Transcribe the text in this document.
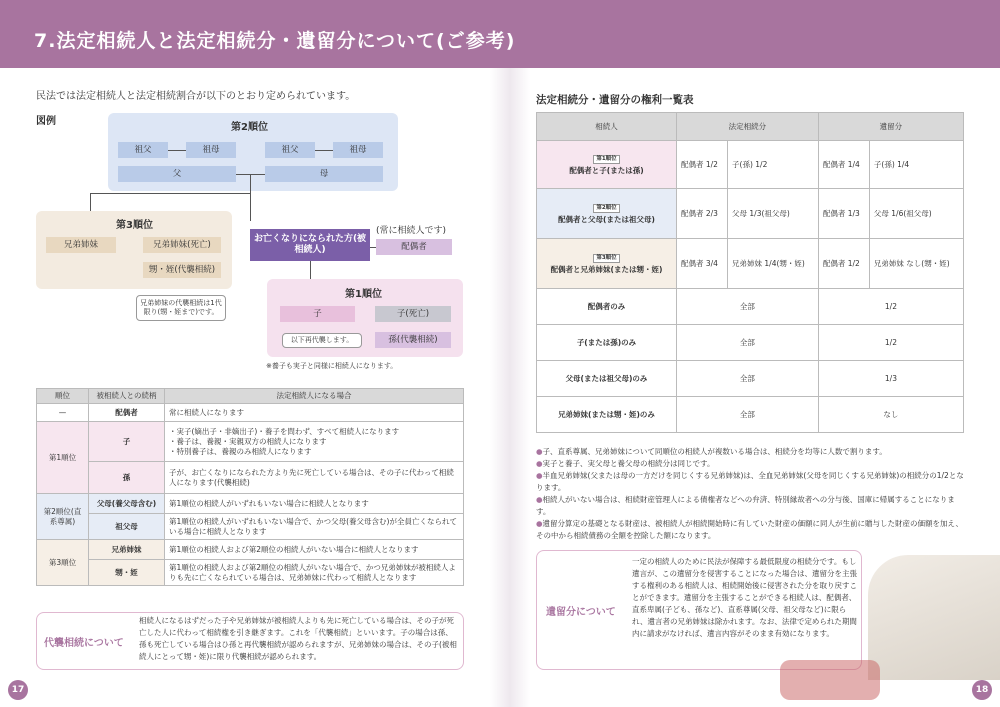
7.法定相続人と法定相続分・遺留分について(ご参考)
民法では法定相続人と法定相続割合が以下のとおり定められています。
図例
第2順位
祖父	祖母	祖父	祖母
父	母
第3順位
兄弟姉妹	兄弟姉妹(死亡)
甥・姪(代襲相続)
兄弟姉妹の代襲相続は1代限り(甥・姪まで)です。
お亡くなりになられた方(被相続人)
(常に相続人です)
配偶者
第1順位
子	子(死亡)
孫(代襲相続)
以下再代襲します。
※養子も実子と同様に相続人になります。
順位	被相続人との続柄	法定相続人になる場合
—	配偶者	常に相続人になります
第1順位	子	・実子(嫡出子・非嫡出子)・養子を問わず、すべて相続人になります
・養子は、養親・実親双方の相続人になります
・特別養子は、養親のみ相続人になります
	孫	子が、お亡くなりになられた方より先に死亡している場合は、その子に代わって相続人になります(代襲相続)
第2順位(直系尊属)	父母(養父母含む)	第1順位の相続人がいずれもいない場合に相続人となります
	祖父母	第1順位の相続人がいずれもいない場合で、かつ父母(養父母含む)が全員亡くなられている場合に相続人となります
第3順位	兄弟姉妹	第1順位の相続人および第2順位の相続人がいない場合に相続人となります
	甥・姪	第1順位の相続人および第2順位の相続人がいない場合で、かつ兄弟姉妹が被相続人よりも先に亡くなられている場合は、兄弟姉妹に代わって相続人となります
代襲相続について
相続人になるはずだった子や兄弟姉妹が被相続人よりも先に死亡している場合は、その子が死亡した人に代わって相続権を引き継ぎます。これを「代襲相続」といいます。子の場合は孫、孫も死亡している場合はひ孫と再代襲相続が認められますが、兄弟姉妹の場合は、その子(被相続人にとって甥・姪)に限り代襲相続が認められます。
17
法定相続分・遺留分の権利一覧表
相続人	法定相続分		遺留分	
第1順位
配偶者と子(または孫)	配偶者 1/2	子(孫) 1/2	配偶者 1/4	子(孫) 1/4
第2順位
配偶者と父母(または祖父母)	配偶者 2/3	父母 1/3(祖父母)	配偶者 1/3	父母 1/6(祖父母)
第3順位
配偶者と兄弟姉妹(または甥・姪)	配偶者 3/4	兄弟姉妹 1/4(甥・姪)	配偶者 1/2	兄弟姉妹 なし(甥・姪)
配偶者のみ	全部		1/2	
子(または孫)のみ	全部		1/2	
父母(または祖父母)のみ	全部		1/3	
兄弟姉妹(または甥・姪)のみ	全部		なし	
●子、直系尊属、兄弟姉妹について同順位の相続人が複数いる場合は、相続分を均等に人数で割ります。
●実子と養子、実父母と養父母の相続分は同じです。
●半血兄弟姉妹(父または母の一方だけを同じくする兄弟姉妹)は、全血兄弟姉妹(父母を同じくする兄弟姉妹)の相続分の1/2となります。
●相続人がいない場合は、相続財産管理人による債権者などへの弁済、特別縁故者への分与後、国庫に帰属することになります。
●遺留分算定の基礎となる財産は、被相続人が相続開始時に有していた財産の価額に同人が生前に贈与した財産の価額を加え、その中から相続債務の全額を控除した額になります。
遺留分について
一定の相続人のために民法が保障する最低限度の相続分です。もし遺言が、この遺留分を侵害することになった場合は、遺留分を主張する権利のある相続人は、相続開始後に侵害された分を取り戻すことができます。遺留分を主張することができる相続人は、配偶者、直系卑属(子ども、孫など)、直系尊属(父母、祖父母など)に限られ、遺言者の兄弟姉妹は除かれます。なお、法律で定められた期間内に請求がなければ、遺言内容がそのまま有効になります。
18
